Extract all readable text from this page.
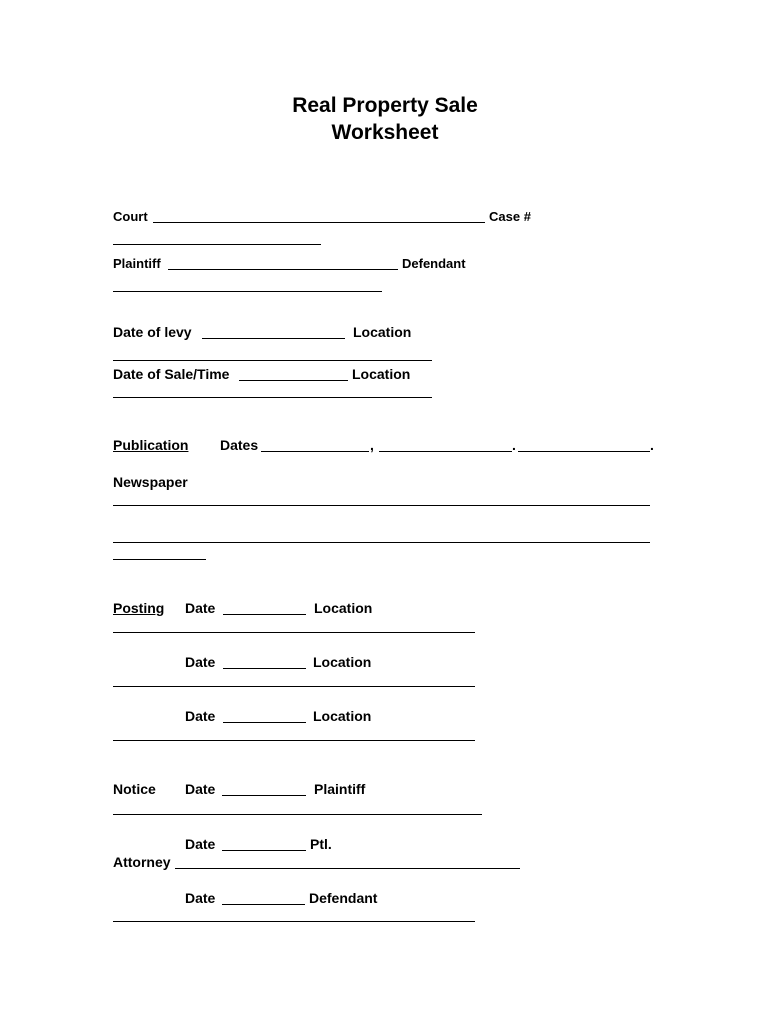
Real Property Sale
Worksheet
Court	Case #
Plaintiff	Defendant
Date of levy	Location
Date of Sale/Time	Location
Publication Dates	,	.	.
Newspaper
Posting Date	Location
Date	Location
Date	Location
Notice Date	Plaintiff
Date	Ptl.
Attorney
Date	Defendant
